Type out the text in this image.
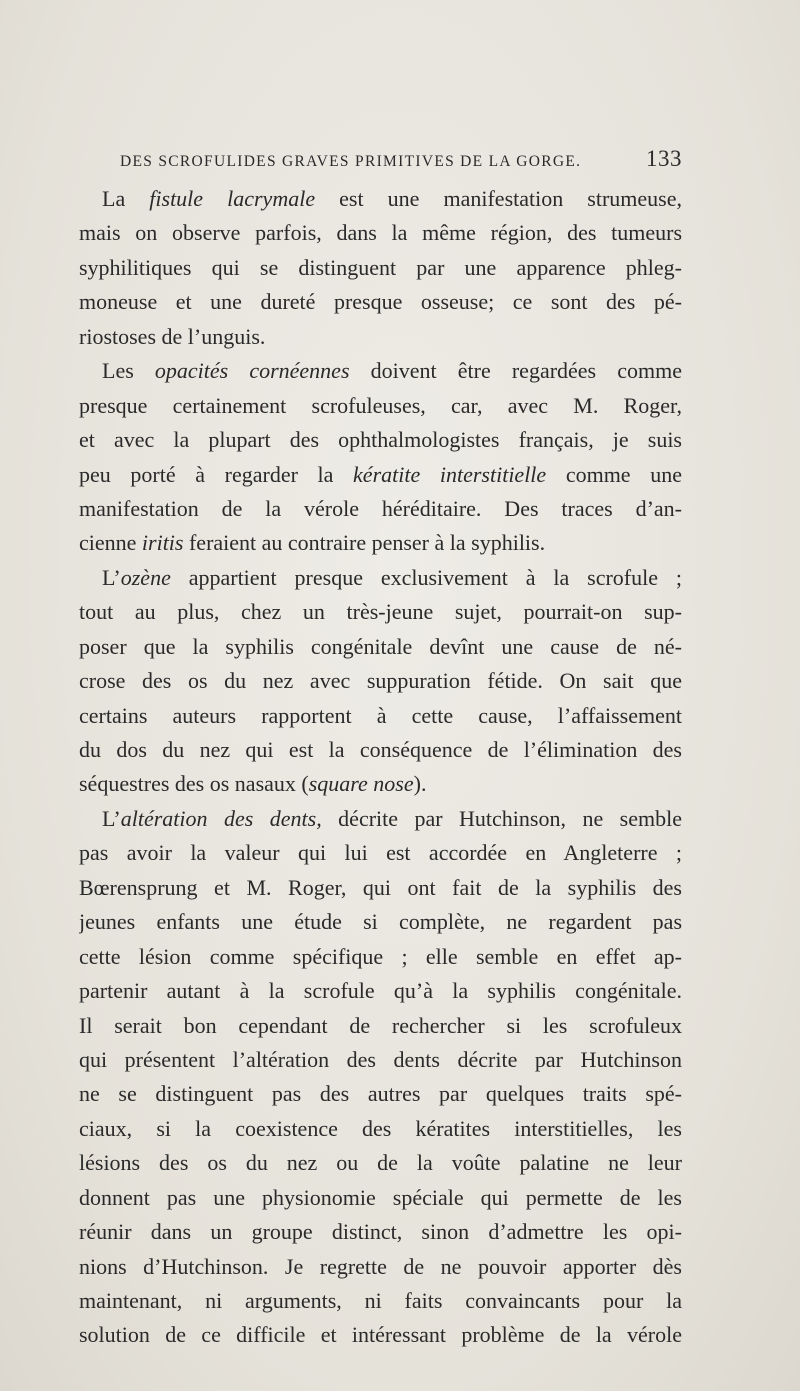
DES SCROFULIDES GRAVES PRIMITIVES DE LA GORGE.	133
La fistule lacrymale est une manifestation strumeuse,
mais on observe parfois, dans la même région, des tumeurs
syphilitiques qui se distinguent par une apparence phleg-
moneuse et une dureté presque osseuse; ce sont des pé-
riostoses de l’unguis.
Les opacités cornéennes doivent être regardées comme
presque certainement scrofuleuses, car, avec M. Roger,
et avec la plupart des ophthalmologistes français, je suis
peu porté à regarder la kératite interstitielle comme une
manifestation de la vérole héréditaire. Des traces d’an-
cienne iritis feraient au contraire penser à la syphilis.
L’ozène appartient presque exclusivement à la scrofule ;
tout au plus, chez un très-jeune sujet, pourrait-on sup-
poser que la syphilis congénitale devînt une cause de né-
crose des os du nez avec suppuration fétide. On sait que
certains auteurs rapportent à cette cause, l’affaissement
du dos du nez qui est la conséquence de l’élimination des
séquestres des os nasaux (square nose).
L’altération des dents, décrite par Hutchinson, ne semble
pas avoir la valeur qui lui est accordée en Angleterre ;
Bœrensprung et M. Roger, qui ont fait de la syphilis des
jeunes enfants une étude si complète, ne regardent pas
cette lésion comme spécifique ; elle semble en effet ap-
partenir autant à la scrofule qu’à la syphilis congénitale.
Il serait bon cependant de rechercher si les scrofuleux
qui présentent l’altération des dents décrite par Hutchinson
ne se distinguent pas des autres par quelques traits spé-
ciaux, si la coexistence des kératites interstitielles, les
lésions des os du nez ou de la voûte palatine ne leur
donnent pas une physionomie spéciale qui permette de les
réunir dans un groupe distinct, sinon d’admettre les opi-
nions d’Hutchinson. Je regrette de ne pouvoir apporter dès
maintenant, ni arguments, ni faits convaincants pour la
solution de ce difficile et intéressant problème de la vérole
